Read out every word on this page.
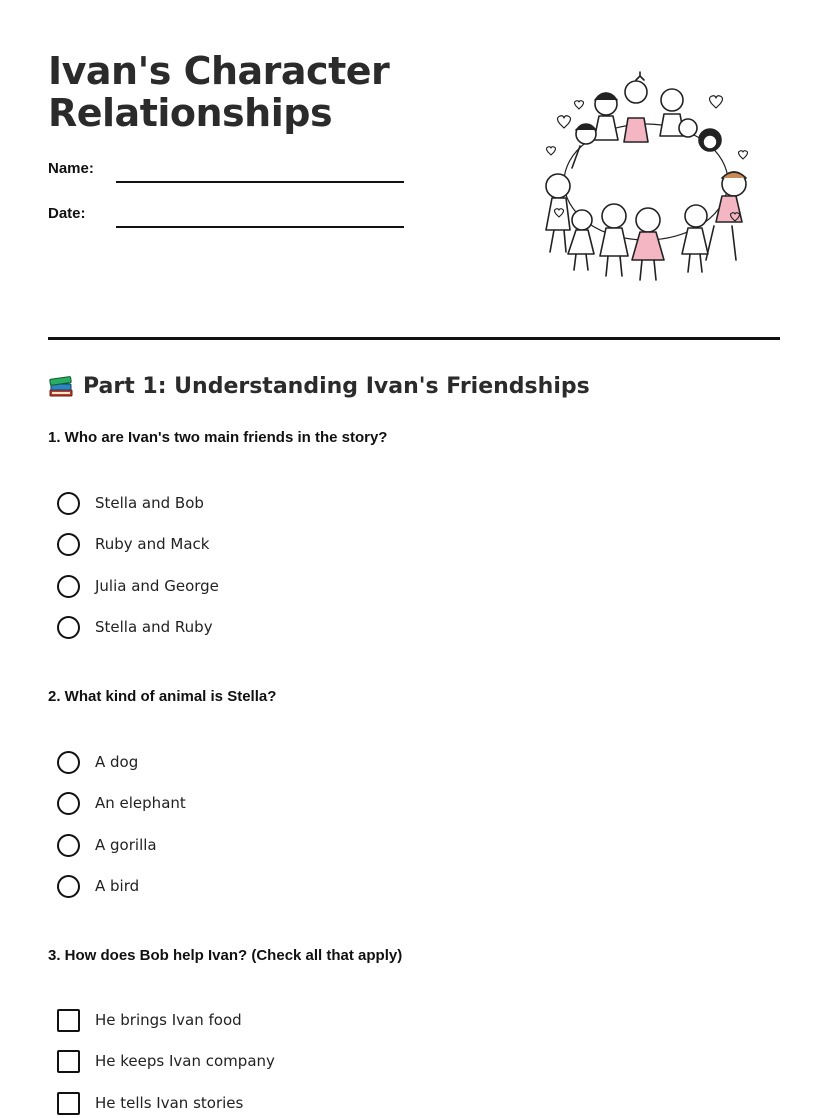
Ivan's Character Relationships
Name:
Date:
Part 1: Understanding Ivan's Friendships
1. Who are Ivan's two main friends in the story?
Stella and Bob
Ruby and Mack
Julia and George
Stella and Ruby
2. What kind of animal is Stella?
A dog
An elephant
A gorilla
A bird
3. How does Bob help Ivan? (Check all that apply)
He brings Ivan food
He keeps Ivan company
He tells Ivan stories
